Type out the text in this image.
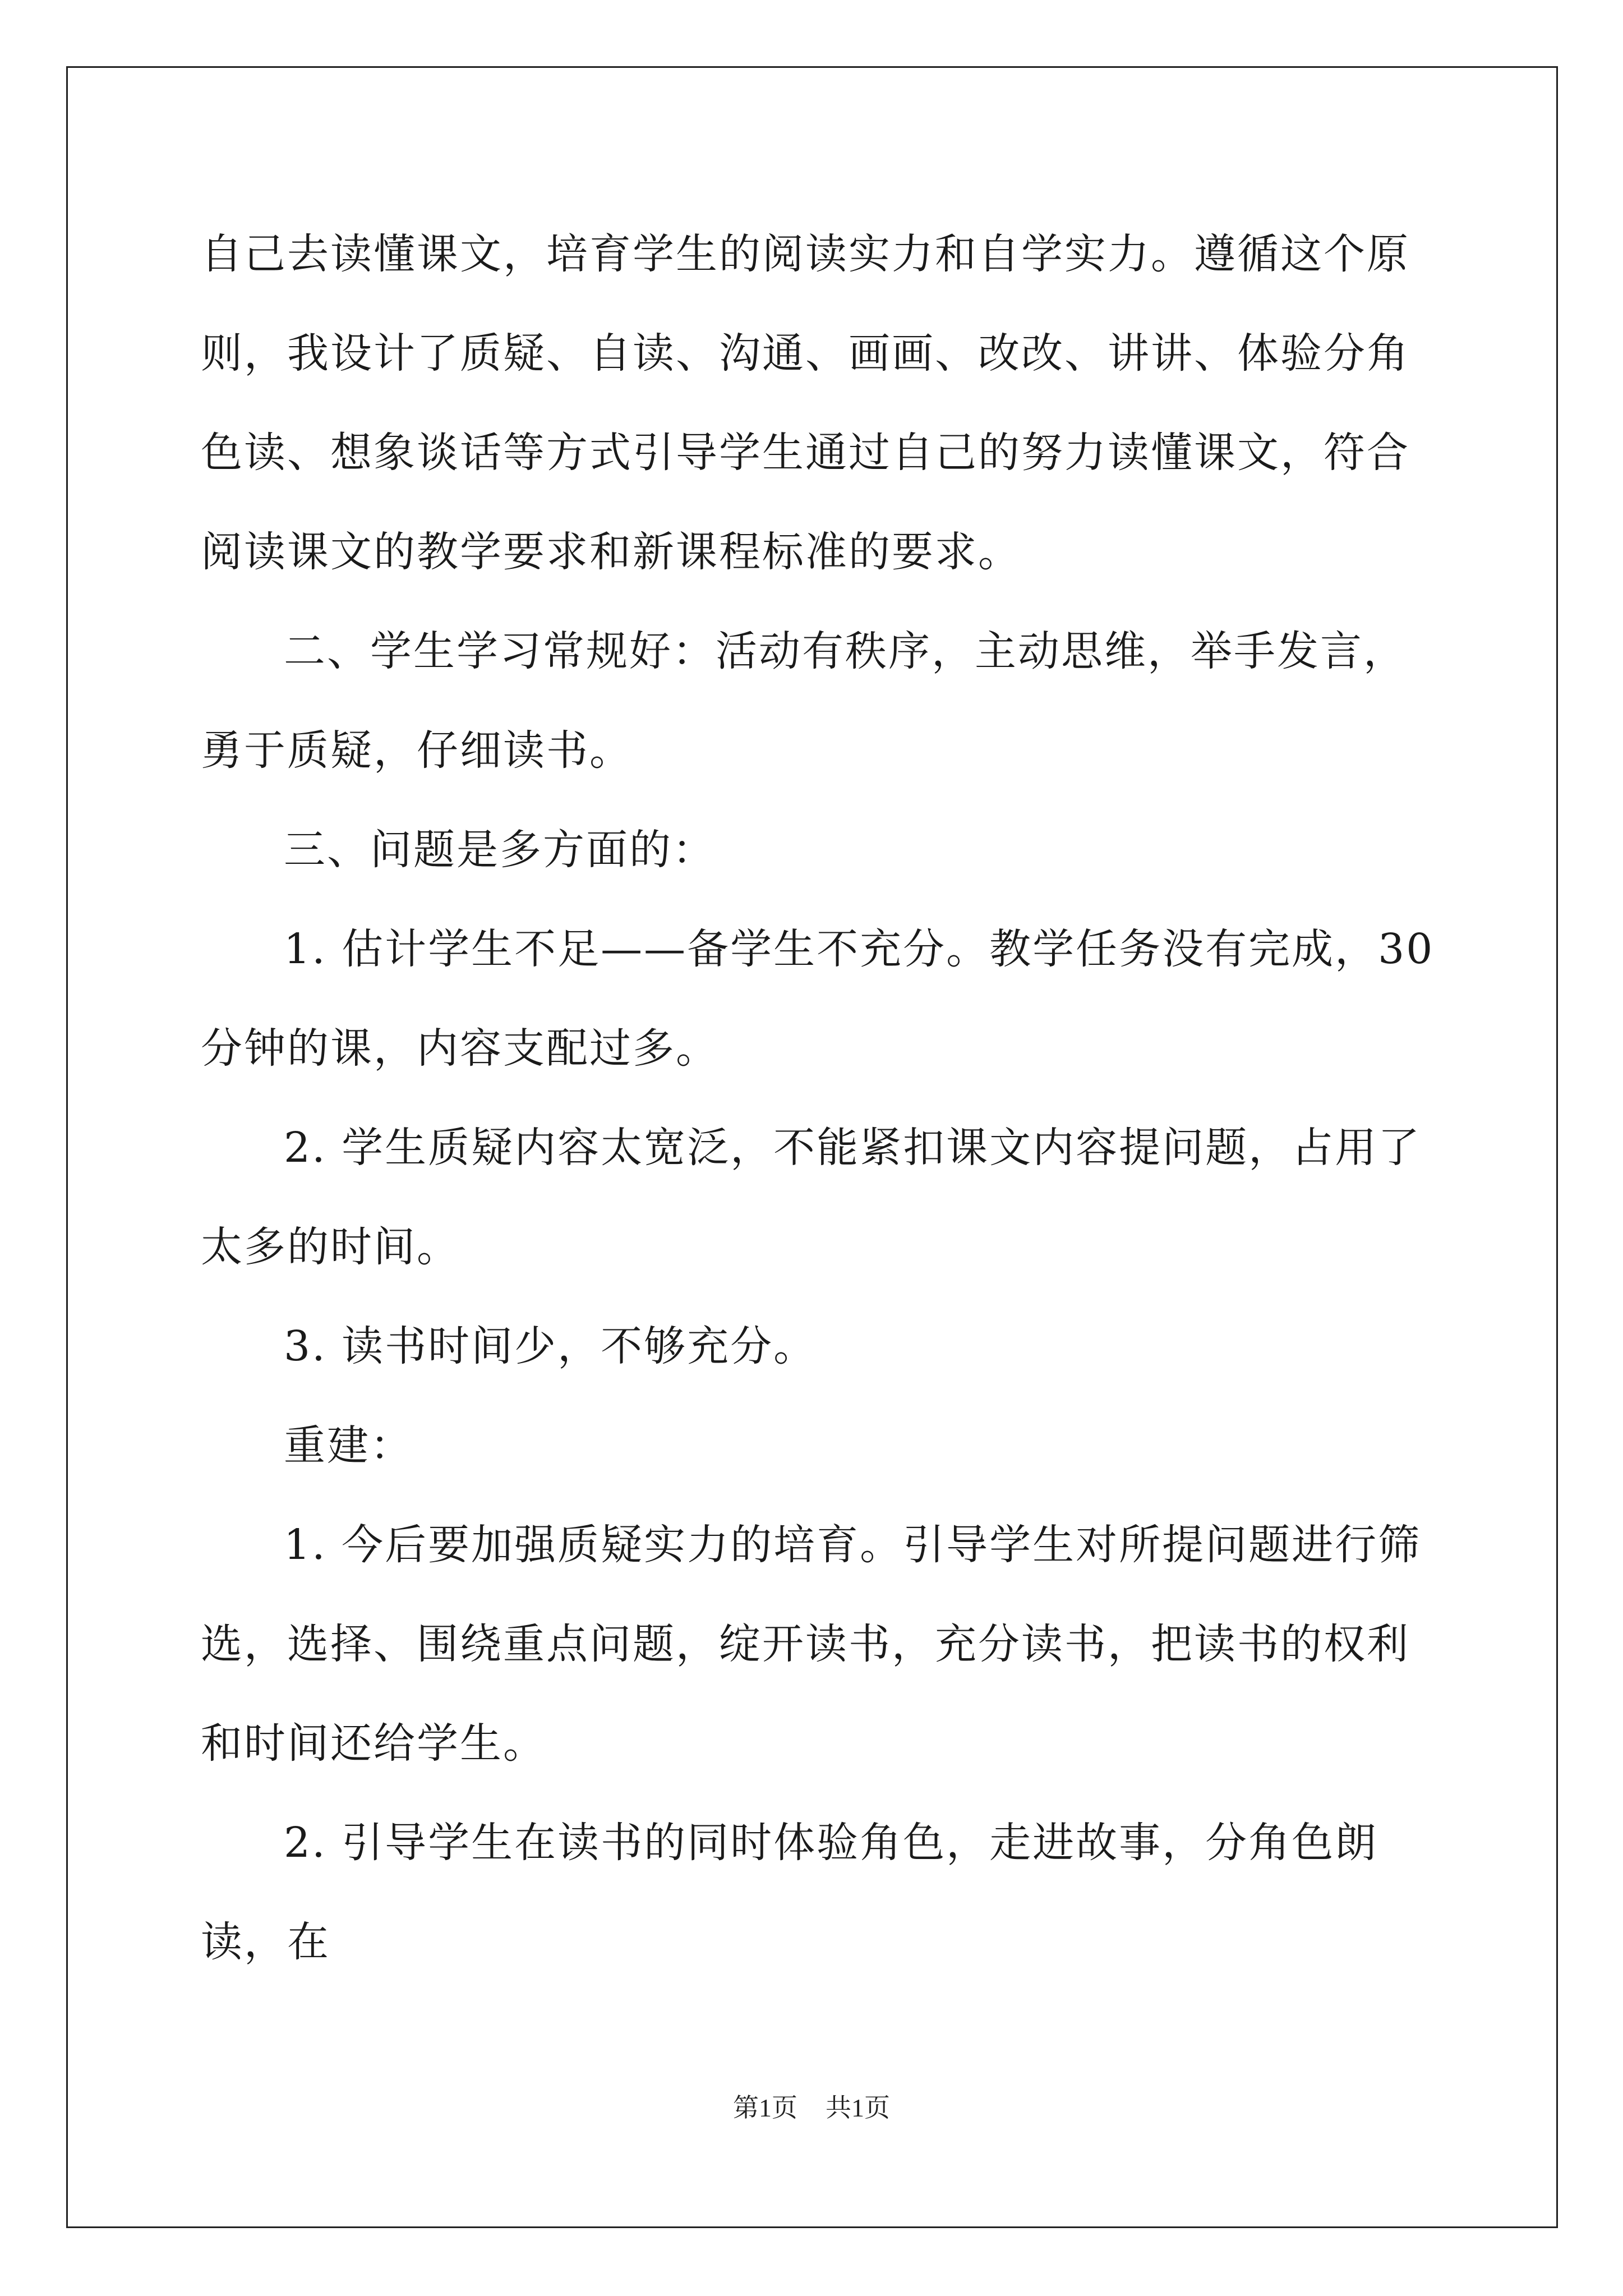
自己去读懂课文，培育学生的阅读实力和自学实力。遵循这个原则，我设计了质疑、自读、沟通、画画、改改、讲讲、体验分角色读、想象谈话等方式引导学生通过自己的努力读懂课文，符合阅读课文的教学要求和新课程标准的要求。

二、学生学习常规好：活动有秩序，主动思维，举手发言，勇于质疑，仔细读书。

三、问题是多方面的：

1. 估计学生不足——备学生不充分。教学任务没有完成，30 分钟的课，内容支配过多。

2. 学生质疑内容太宽泛，不能紧扣课文内容提问题，占用了太多的时间。

3. 读书时间少，不够充分。

重建：

1. 今后要加强质疑实力的培育。引导学生对所提问题进行筛选，选择、围绕重点问题，绽开读书，充分读书，把读书的权利和时间还给学生。

2. 引导学生在读书的同时体验角色，走进故事，分角色朗读，在

第1页 共1页
